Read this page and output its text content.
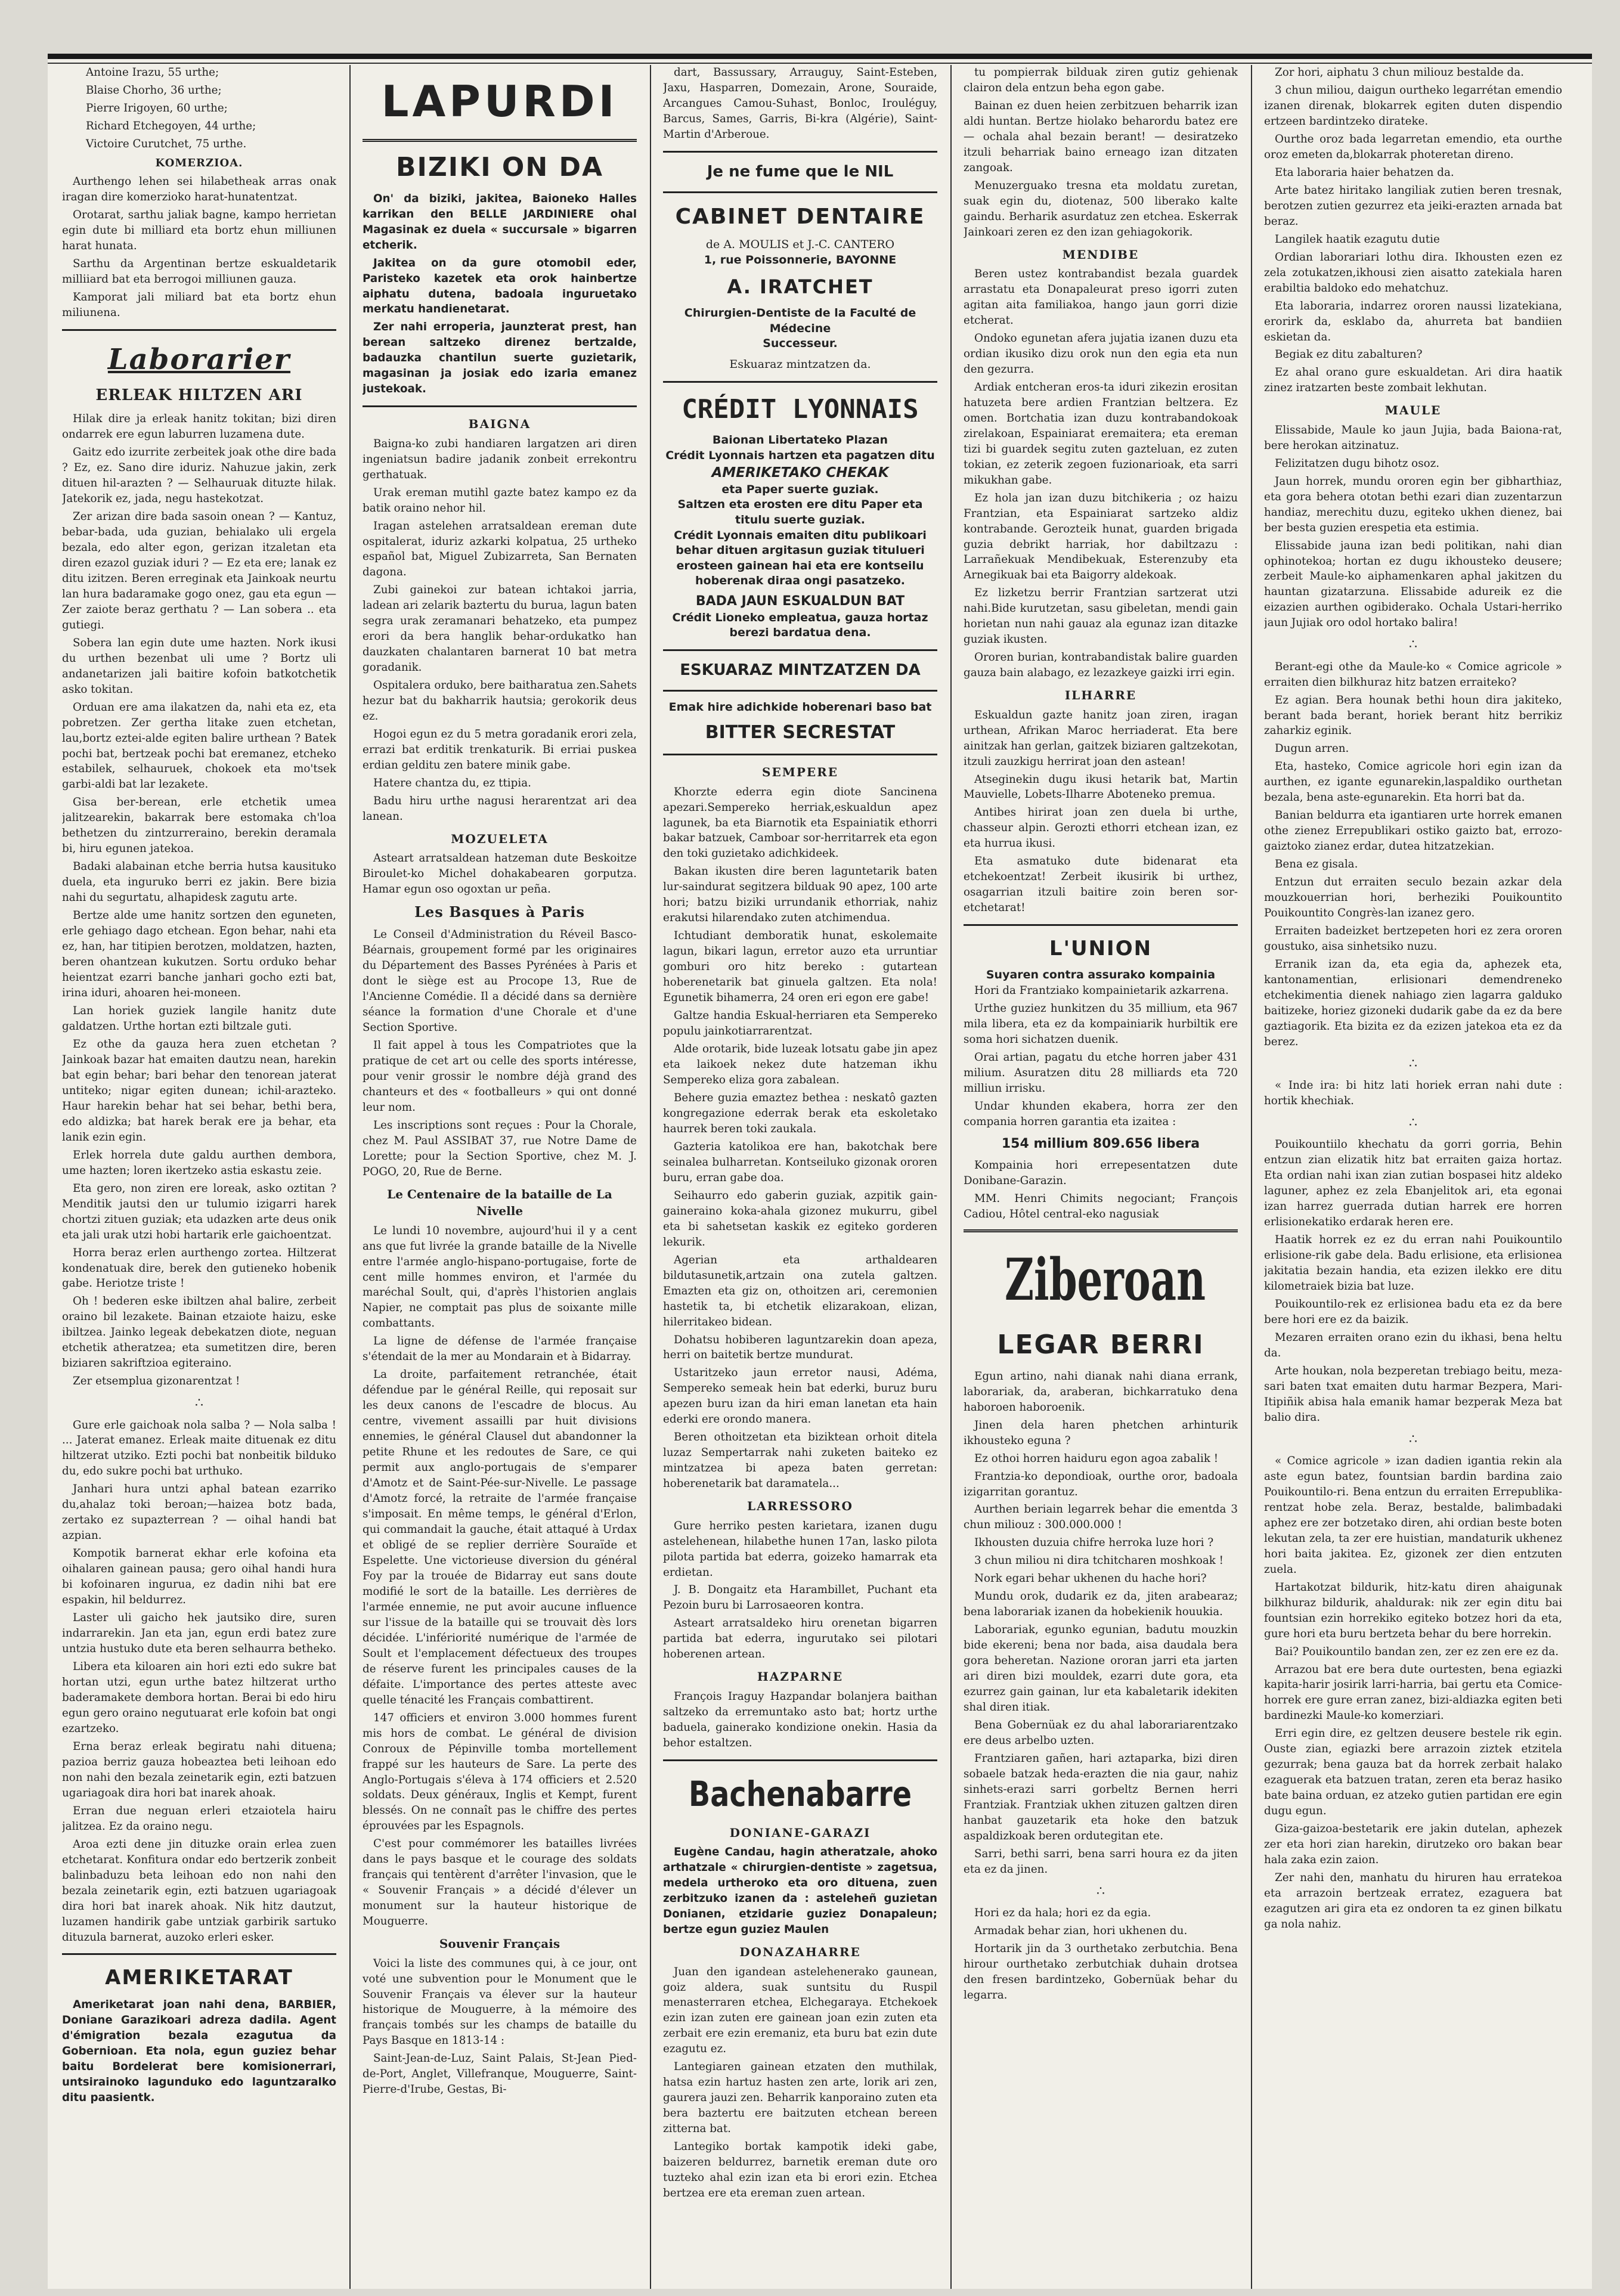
Antoine Irazu, 55 urthe;

Blaise Chorho, 36 urthe;

Pierre Irigoyen, 60 urthe;

Richard Etchegoyen, 44 urthe;

Victoire Curutchet, 75 urthe.

KOMERZIOA.

Aurthengo lehen sei hilabetheak arras onak iragan dire komerzioko harat-hunatentzat.

Orotarat, sarthu jaliak bagne, kampo herrietan egin dute bi milliard eta bortz ehun milliunen harat hunata.

Sarthu da Argentinan bertze eskualdetarik milliiard bat eta berrogoi milliunen gauza.

Kamporat jali miliard bat eta bortz ehun miliunena.

Laborarier
ERLEAK HILTZEN ARI

Hilak dire ja erleak hanitz tokitan; bizi diren ondarrek ere egun laburren luzamena dute.

Gaitz edo izurrite zerbeitek joak othe dire bada ? Ez, ez. Sano dire iduriz. Nahuzue jakin, zerk dituen hil-arazten ? — Selhauruak dituzte hilak. Jatekorik ez, jada, negu hastekotzat.

Zer arizan dire bada sasoin onean ? — Kantuz, bebar-bada, uda guzian, behialako uli ergela bezala, edo alter egon, gerizan itzaletan eta diren ezazol guziak iduri ? — Ez eta ere; lanak ez ditu izitzen. Beren erreginak eta Jainkoak neurtu lan hura badaramake gogo onez, gau eta egun — Zer zaiote beraz gerthatu ? — Lan sobera .. eta gutiegi.

Sobera lan egin dute ume hazten. Nork ikusi du urthen bezenbat uli ume ? Bortz uli andanetarizen jali baitire kofoin batkotchetik asko tokitan.

Orduan ere ama ilakatzen da, nahi eta ez, eta pobretzen. Zer gertha litake zuen etchetan, lau,bortz eztei-alde egiten balire urthean ? Batek pochi bat, bertzeak pochi bat eremanez, etcheko estabilek, selhauruek, chokoek eta mo'tsek garbi-aldi bat lar lezakete.

Gisa ber-berean, erle etchetik umea jalitzearekin, bakarrak bere estomaka ch'loa bethetzen du zintzurreraino, berekin deramala bi, hiru egunen jatekoa.

Badaki alabainan etche berria hutsa kausituko duela, eta inguruko berri ez jakin. Bere bizia nahi du segurtatu, alhapidesk zagutu arte.

Bertze alde ume hanitz sortzen den eguneten, erle gehiago dago etchean. Egon behar, nahi eta ez, han, har titipien berotzen, moldatzen, hazten, beren ohantzean kukutzen. Sortu orduko behar heientzat ezarri banche janhari gocho ezti bat, irina iduri, ahoaren hei-moneen.

Lan horiek guziek langile hanitz dute galdatzen. Urthe hortan ezti biltzale guti.

Ez othe da gauza hera zuen etchetan ? Jainkoak bazar hat emaiten dautzu nean, harekin bat egin behar; bari behar den tenorean jaterat untiteko; nigar egiten dunean; ichil-arazteko. Haur harekin behar hat sei behar, bethi bera, edo aldizka; bat harek berak ere ja behar, eta lanik ezin egin.

Erlek horrela dute galdu aurthen dembora, ume hazten; loren ikertzeko astia eskastu zeie.

Eta gero, non ziren ere loreak, asko oztitan ? Menditik jautsi den ur tulumio izigarri harek chortzi zituen guziak; eta udazken arte deus onik eta jali urak utzi hobi hartarik erle gaichoentzat.

Horra beraz erlen aurthengo zortea. Hiltzerat kondenatuak dire, berek den gutieneko hobenik gabe. Heriotze triste !

Oh ! bederen eske ibiltzen ahal balire, zerbeit oraino bil lezakete. Bainan etzaiote haizu, eske ibiltzea. Jainko legeak debekatzen diote, neguan etchetik atheratzea; eta sumetitzen dire, beren biziaren sakriftzioa egiteraino.

Zer etsemplua gizonarentzat !

∴

Gure erle gaichoak nola salba ? — Nola salba ! ... Jaterat emanez. Erleak maite dituenak ez ditu hiltzerat utziko. Ezti pochi bat nonbeitik bilduko du, edo sukre pochi bat urthuko.

Janhari hura untzi aphal batean ezarriko du,ahalaz toki beroan;—haizea botz bada, zertako ez supazterrean ? — oihal handi bat azpian.

Kompotik barnerat ekhar erle kofoina eta oihalaren gainean pausa; gero oihal handi hura bi kofoinaren ingurua, ez dadin nihi bat ere espakin, hil beldurrez.

Laster uli gaicho hek jautsiko dire, suren indarrarekin. Jan eta jan, egun erdi batez zure untzia hustuko dute eta beren selhaurra betheko.

Libera eta kiloaren ain hori ezti edo sukre bat hortan utzi, egun urthe batez hiltzerat urtho baderamakete dembora hortan. Berai bi edo hiru egun gero oraino negutuarat erle kofoin bat ongi ezartzeko.

Erna beraz erleak begiratu nahi dituena; pazioa berriz gauza hobeaztea beti leihoan edo non nahi den bezala zeinetarik egin, ezti batzuen ugariagoak dira hori bat inarek ahoak.

Erran due neguan erleri etzaiotela hairu jalitzea. Ez da oraino negu.

Aroa ezti dene jin dituzke orain erlea zuen etchetarat. Konfitura ondar edo bertzerik zonbeit balinbaduzu beta leihoan edo non nahi den bezala zeinetarik egin, ezti batzuen ugariagoak dira hori bat inarek ahoak. Nik hitz dautzut, luzamen handirik gabe untziak garbirik sartuko dituzula barnerat, auzoko erleri esker.

AMERIKETARAT

Ameriketarat joan nahi dena, BARBIER, Doniane Garazikoari adreza dadila. Agent d'émigration bezala ezagutua da Gobernioan. Eta nola, egun guziez behar baitu Bordelerat bere komisionerrari, untsirainoko lagunduko edo laguntzaralko ditu paasientk.

LAPURDI
BIZIKI ON DA

On' da biziki, jakitea, Baioneko Halles karrikan den BELLE JARDINIERE ohal Magasinak ez duela « succursale » bigarren etcherik.

Jakitea on da gure otomobil eder, Paristeko kazetek eta orok hainbertze aiphatu dutena, badoala inguruetako merkatu handienetarat.

Zer nahi erroperia, jaunzterat prest, han berean saltzeko direnez bertzalde, badauzka chantilun suerte guzietarik, magasinan ja josiak edo izaria emanez justekoak.

BAIGNA

Baigna-ko zubi handiaren largatzen ari diren ingeniatsun badire jadanik zonbeit errekontru gerthatuak.

Urak ereman mutihl gazte batez kampo ez da batik oraino nehor hil.

Iragan astelehen arratsaldean ereman dute ospitalerat, iduriz azkarki kolpatua, 25 urtheko español bat, Miguel Zubizarreta, San Bernaten dagona.

Zubi gainekoi zur batean ichtakoi jarria, ladean ari zelarik baztertu du burua, lagun baten segra urak zeramanari behatzeko, eta pumpez erori da bera hanglik behar-ordukatko han dauzkaten chalantaren barnerat 10 bat metra goradanik.

Ospitalera orduko, bere baitharatua zen.Sahets hezur bat du bakharrik hautsia; gerokorik deus ez.

Hogoi egun ez du 5 metra goradanik erori zela, errazi bat erditik trenkaturik. Bi erriai puskea erdian gelditu zen batere minik gabe.

Hatere chantza du, ez ttipia.

Badu hiru urthe nagusi herarentzat ari dea lanean.

MOZUELETA

Asteart arratsaldean hatzeman dute Beskoitze Biroulet-ko Michel dohakabearen gorputza. Hamar egun oso ogoxtan ur peña.

Les Basques à Paris

Le Conseil d'Administration du Réveil Basco-Béarnais, groupement formé par les originaires du Département des Basses Pyrénées à Paris et dont le siège est au Procope 13, Rue de l'Ancienne Comédie. Il a décidé dans sa dernière séance la formation d'une Chorale et d'une Section Sportive.

Il fait appel à tous les Compatriotes que la pratique de cet art ou celle des sports intéresse, pour venir grossir le nombre déjà grand des chanteurs et des « footballeurs » qui ont donné leur nom.

Les inscriptions sont reçues : Pour la Chorale, chez M. Paul ASSIBAT 37, rue Notre Dame de Lorette; pour la Section Sportive, chez M. J. POGO, 20, Rue de Berne.

Le Centenaire de la bataille de La Nivelle

Le lundi 10 novembre, aujourd'hui il y a cent ans que fut livrée la grande bataille de la Nivelle entre l'armée anglo-hispano-portugaise, forte de cent mille hommes environ, et l'armée du maréchal Soult, qui, d'après l'historien anglais Napier, ne comptait pas plus de soixante mille combattants.

La ligne de défense de l'armée française s'étendait de la mer au Mondarain et à Bidarray.

La droite, parfaitement retranchée, était défendue par le général Reille, qui reposait sur les deux canons de l'escadre de blocus. Au centre, vivement assailli par huit divisions ennemies, le général Clausel dut abandonner la petite Rhune et les redoutes de Sare, ce qui permit aux anglo-portugais de s'emparer d'Amotz et de Saint-Pée-sur-Nivelle. Le passage d'Amotz forcé, la retraite de l'armée française s'imposait. En même temps, le général d'Erlon, qui commandait la gauche, était attaqué à Urdax et obligé de se replier derrière Souraïde et Espelette. Une victorieuse diversion du général Foy par la trouée de Bidarray eut sans doute modifié le sort de la bataille. Les derrières de l'armée ennemie, ne put avoir aucune influence sur l'issue de la bataille qui se trouvait dès lors décidée. L'infériorité numérique de l'armée de Soult et l'emplacement défectueux des troupes de réserve furent les principales causes de la défaite. L'importance des pertes atteste avec quelle ténacité les Français combattirent.

147 officiers et environ 3.000 hommes furent mis hors de combat. Le général de division Conroux de Pépinville tomba mortellement frappé sur les hauteurs de Sare. La perte des Anglo-Portugais s'éleva à 174 officiers et 2.520 soldats. Deux généraux, Inglis et Kempt, furent blessés. On ne connaît pas le chiffre des pertes éprouvées par les Espagnols.

C'est pour commémorer les batailles livrées dans le pays basque et le courage des soldats français qui tentèrent d'arrêter l'invasion, que le « Souvenir Français » a décidé d'élever un monument sur la hauteur historique de Mouguerre.

Souvenir Français

Voici la liste des communes qui, à ce jour, ont voté une subvention pour le Monument que le Souvenir Français va élever sur la hauteur historique de Mouguerre, à la mémoire des français tombés sur les champs de bataille du Pays Basque en 1813-14 :

Saint-Jean-de-Luz, Saint Palais, St-Jean Pied-de-Port, Anglet, Villefranque, Mouguerre, Saint-Pierre-d'Irube, Gestas, Bi-

dart, Bassussary, Arrauguy, Saint-Esteben, Jaxu, Hasparren, Domezain, Arone, Souraide, Arcangues Camou-Suhast, Bonloc, Irouléguy, Barcus, Sames, Garris, Bi-kra (Algérie), Saint-Martin d'Arberoue.

Je ne fume que le NIL
CABINET DENTAIRE
de A. MOULIS et J.-C. CANTERO
1, rue Poissonnerie, BAYONNE
A. IRATCHET
Chirurgien-Dentiste de la Faculté de Médecine
Successeur.
Eskuaraz mintzatzen da.
CRÉDIT LYONNAIS
Baionan Libertateko Plazan
Crédit Lyonnais hartzen eta pagatzen ditu
AMERIKETAKO CHEKAK
eta Paper suerte guziak.
Saltzen eta erosten ere ditu Paper eta titulu suerte guziak.
Crédit Lyonnais emaiten ditu publikoari behar dituen argitasun guziak titulueri erosteen gainean hai eta ere kontseilu hoberenak diraa ongi pasatzeko.
BADA JAUN ESKUALDUN BAT
Crédit Lioneko empleatua, gauza hortaz berezi bardatua dena.
ESKUARAZ MINTZATZEN DA
Emak hire adichkide hoberenari baso bat
BITTER SECRESTAT
SEMPERE

Khorzte ederra egin diote Sancinena apezari.Sempereko herriak,eskualdun apez lagunek, ba eta Biarnotik eta Espainiatik ethorri bakar batzuek, Camboar sor-herritarrek eta egon den toki guzietako adichkideek.

Bakan ikusten dire beren laguntetarik baten lur-saindurat segitzera bilduak 90 apez, 100 arte hori; batzu biziki urrundanik ethorriak, nahiz erakutsi hilarendako zuten atchimendua.

Ichtudiant demboratik hunat, eskolemaite lagun, bikari lagun, erretor auzo eta urruntiar gomburi oro hitz bereko : gutartean hoberenetarik bat ginuela galtzen. Eta nola! Egunetik bihamerra, 24 oren eri egon ere gabe!

Galtze handia Eskual-herriaren eta Sempereko populu jainkotiarrarentzat.

Alde orotarik, bide luzeak lotsatu gabe jin apez eta laikoek nekez dute hatzeman ikhu Sempereko eliza gora zabalean.

Behere guzia emaztez bethea : neskatô gazten kongregazione ederrak berak eta eskoletako haurrek beren toki zaukala.

Gazteria katolikoa ere han, bakotchak bere seinalea bulharretan. Kontseiluko gizonak ororen buru, erran gabe doa.

Seihaurro edo gaberin guziak, azpitik gain-gaineraino koka-ahala gizonez mukurru, gibel eta bi sahetsetan kaskik ez egiteko gorderen lekurik.

Agerian eta arthaldearen bildutasunetik,artzain ona zutela galtzen. Emazten eta giz on, othoitzen ari, ceremonien hastetik ta, bi etchetik elizarakoan, elizan, hilerritakeo bidean.

Dohatsu hobiberen laguntzarekin doan apeza, herri on baitetik bertze mundurat.

Ustaritzeko jaun erretor nausi, Adéma, Sempereko semeak hein bat ederki, buruz buru apezen buru izan da hiri eman lanetan eta hain ederki ere orondo manera.

Beren othoitzetan eta biziktean orhoit ditela luzaz Sempertarrak nahi zuketen baiteko ez mintzatzea bi apeza baten gerretan: hoberenetarik bat daramatela...

LARRESSORO

Gure herriko pesten karietara, izanen dugu astelehenean, hilabethe hunen 17an, lasko pilota pilota partida bat ederra, goizeko hamarrak eta erdietan.

J. B. Dongaitz eta Harambillet, Puchant eta Pezoin buru bi Larrosaeoren kontra.

Asteart arratsaldeko hiru orenetan bigarren partida bat ederra, ingurutako sei pilotari hoberenen artean.

HAZPARNE

François Iraguy Hazpandar bolanjera baithan saltzeko da erremuntako asto bat; hortz urthe baduela, gainerako kondizione onekin. Hasia da behor estaltzen.

Bachenabarre
DONIANE-GARAZI

Eugène Candau, hagin atheratzale, ahoko arthatzale « chirurgien-dentiste » zagetsua, medela urtheroko eta oro dituena, zuen zerbitzuko izanen da : asteleheñ guzietan Donianen, etzidarie guziez Donapaleun; bertze egun guziez Maulen

DONAZAHARRE

Juan den igandean astelehenerako gaunean, goiz aldera, suak suntsitu du Ruspil menasterraren etchea, Elchegaraya. Etchekoek ezin izan zuten ere gainean joan ezin zuten eta zerbait ere ezin eremaniz, eta buru bat ezin dute ezagutu ez.

Lantegiaren gainean etzaten den muthilak, hatsa ezin hartuz hasten zen arte, lorik ari zen, gaurera jauzi zen. Beharrik kanporaino zuten eta bera baztertu ere baitzuten etchean bereen zitterna bat.

Lantegiko bortak kampotik ideki gabe, baizeren beldurrez, barnetik ereman dute oro tuzteko ahal ezin izan eta bi erori ezin. Etchea bertzea ere eta ereman zuen artean.

tu pompierrak bilduak ziren gutiz gehienak clairon dela entzun beha egon gabe.

Bainan ez duen heien zerbitzuen beharrik izan aldi huntan. Bertze hiolako beharordu batez ere — ochala ahal bezain berant! — desiratzeko itzuli beharriak baino erneago izan ditzaten zangoak.

Menuzerguako tresna eta moldatu zuretan, suak egin du, diotenaz, 500 liberako kalte gaindu. Berharik asurdatuz zen etchea. Eskerrak Jainkoari zeren ez den izan gehiagokorik.

MENDIBE

Beren ustez kontrabandist bezala guardek arrastatu eta Donapaleurat preso igorri zuten agitan aita familiakoa, hango jaun gorri dizie etcherat.

Ondoko egunetan afera jujatia izanen duzu eta ordian ikusiko dizu orok nun den egia eta nun den gezurra.

Ardiak entcheran eros-ta iduri zikezin erositan hatuzeta bere ardien Frantzian beltzera. Ez omen. Bortchatia izan duzu kontrabandokoak zirelakoan, Espainiarat eremaitera; eta ereman tizi bi guardek segitu zuten gazteluan, ez zuten tokian, ez zeterik zegoen fuzionarioak, eta sarri mikukhan gabe.

Ez hola jan izan duzu bitchikeria ; oz haizu Frantzian, eta Espainiarat sartzeko aldiz kontrabande. Gerozteik hunat, guarden brigada guzia debrikt harriak, hor dabiltzazu : Larrañekuak Mendibekuak, Esterenzuby eta Arnegikuak bai eta Baigorry aldekoak.

Ez lizketzu berrir Frantzian sartzerat utzi nahi.Bide kurutzetan, sasu gibeletan, mendi gain horietan nun nahi gauaz ala egunaz izan ditazke guziak ikusten.

Ororen burian, kontrabandistak balire guarden gauza bain alabago, ez lezazkeye gaizki irri egin.

ILHARRE

Eskualdun gazte hanitz joan ziren, iragan urthean, Afrikan Maroc herriaderat. Eta bere ainitzak han gerlan, gaitzek biziaren galtzekotan, itzuli zauzkigu herrirat joan den astean!

Atseginekin dugu ikusi hetarik bat, Martin Mauvielle, Lobets-Ilharre Aboteneko premua.

Antibes hirirat joan zen duela bi urthe, chasseur alpin. Gerozti ethorri etchean izan, ez eta hurrua ikusi.

Eta asmatuko dute bidenarat eta etchekoentzat! Zerbeit ikusirik bi urthez, osagarrian itzuli baitire zoin beren sor-etchetarat!

L'UNION
Suyaren contra assurako kompainia

Hori da Frantziako kompainietarik azkarrena.

Urthe guziez hunkitzen du 35 millium, eta 967 mila libera, eta ez da kompainiarik hurbiltik ere soma hori sichatzen duenik.

Orai artian, pagatu du etche horren jaber 431 milium. Asuratzen ditu 28 milliards eta 720 milliun irrisku.

Undar khunden ekabera, horra zer den compania horren garantia eta izaitea :

154 millium 809.656 libera

Kompainia hori errepesentatzen dute Donibane-Garazin.

MM. Henri Chimits negociant; François Cadiou, Hôtel central-eko nagusiak

Ziberoan
LEGAR BERRI

Egun artino, nahi dianak nahi diana errank, laborariak, da, araberan, bichkarratuko dena haboroen haboroenik.

Jinen dela haren phetchen arhinturik ikhousteko eguna ?

Ez othoi horren haiduru egon agoa zabalik !

Frantzia-ko depondioak, ourthe oror, badoala izigarritan gorantuz.

Aurthen beriain legarrek behar die ementda 3 chun miliouz : 300.000.000 !

Ikhousten duzuia chifre herroka luze hori ?

3 chun miliou ni dira tchitcharen moshkoak !

Nork egari behar ukhenen du hache hori?

Mundu orok, dudarik ez da, jiten arabearaz; bena laborariak izanen da hobekienik houukia.

Laborariak, egunko egunian, badutu mouzkin bide ekereni; bena nor bada, aisa daudala bera gora beheretan. Nazione ororan jarri eta jarten ari diren bizi mouldek, ezarri dute gora, eta ezurrez gain gainan, lur eta kabaletarik idekiten shal diren itiak.

Bena Gobernüak ez du ahal laborariarentzako ere deus arbelbo uzten.

Frantziaren gañen, hari aztaparka, bizi diren sobaele batzak heda-erazten die nia gaur, nahiz sinhets-erazi sarri gorbeltz Bernen herri Frantziak. Frantziak ukhen zituzen galtzen diren hanbat gauzetarik eta hoke den batzuk aspaldizkoak beren ordutegitan ete.

Sarri, bethi sarri, bena sarri houra ez da jiten eta ez da jinen.

∴

Hori ez da hala; hori ez da egia.

Armadak behar zian, hori ukhenen du.

Hortarik jin da 3 ourthetako zerbutchia. Bena hirour ourthetako zerbutchiak duhain drotsea den fresen bardintzeko, Gobernüak behar du legarra.

Zor hori, aiphatu 3 chun miliouz bestalde da.

3 chun miliou, daigun ourtheko legarrétan emendio izanen direnak, blokarrek egiten duten dispendio ertzeen bardintzeko dirateke.

Ourthe oroz bada legarretan emendio, eta ourthe oroz emeten da,blokarrak photeretan direno.

Eta laboraria haier behatzen da.

Arte batez hiritako langiliak zutien beren tresnak, berotzen zutien gezurrez eta jeiki-erazten arnada bat beraz.

Langilek haatik ezagutu dutie

Ordian laborariari lothu dira. Ikhousten ezen ez zela zotukatzen,ikhousi zien aisatto zatekiala haren erabiltia baldoko edo mehatchuz.

Eta laboraria, indarrez ororen naussi lizatekiana, erorirk da, esklabo da, ahurreta bat bandiien eskietan da.

Begiak ez ditu zabalturen?

Ez ahal orano gure eskualdetan. Ari dira haatik zinez iratzarten beste zombait lekhutan.

MAULE

Elissabide, Maule ko jaun Jujia, bada Baiona-rat, bere herokan aitzinatuz.

Felizitatzen dugu bihotz osoz.

Jaun horrek, mundu ororen egin ber gibharthiaz, eta gora behera ototan bethi ezari dian zuzentarzun handiaz, merechitu duzu, egiteko ukhen dienez, bai ber besta guzien erespetia eta estimia.

Elissabide jauna izan bedi politikan, nahi dian ophinotekoa; hortan ez dugu ikhousteko deusere; zerbeit Maule-ko aiphamenkaren aphal jakitzen du hauntan gizatarzuna. Elissabide adureik ez die eizazien aurthen ogibiderako. Ochala Ustari-herriko jaun Jujiak oro odol hortako balira!

∴

Berant-egi othe da Maule-ko « Comice agricole » erraiten dien bilkhuraz hitz batzen erraiteko?

Ez agian. Bera hounak bethi houn dira jakiteko, berant bada berant, horiek berant hitz berrikiz zaharkiz eginik.

Dugun arren.

Eta, hasteko, Comice agricole hori egin izan da aurthen, ez igante egunarekin,laspaldiko ourthetan bezala, bena aste-egunarekin. Eta horri bat da.

Banian beldurra eta igantiaren urte horrek emanen othe zienez Errepublikari ostiko gaizto bat, errozo-gaiztoko zianez erdar, dutea hitzatzekian.

Bena ez gisala.

Entzun dut erraiten seculo bezain azkar dela mouzkouerrian hori, berheziki Pouikountito Pouikountito Congrès-lan izanez gero.

Erraiten badeizket bertzepeten hori ez zera ororen goustuko, aisa sinhetsiko nuzu.

Erranik izan da, eta egia da, aphezek eta, kantonamentian, erlisionari demendreneko etchekimentia dienek nahiago zien lagarra galduko baitizeke, horiez gizoneki dudarik gabe da ez da bere gaztiagorik. Eta bizita ez da ezizen jatekoa eta ez da berez.

∴

« Inde ira: bi hitz lati horiek erran nahi dute : hortik khechiak.

∴

Pouikountiilo khechatu da gorri gorria, Behin entzun zian elizatik hitz bat erraiten gaiza hortaz. Eta ordian nahi ixan zian zutian bospasei hitz aldeko laguner, aphez ez zela Ebanjelitok ari, eta egonai izan harrez guerrada dutian harrek ere horren erlisionekatiko erdarak heren ere.

Haatik horrek ez ez du erran nahi Pouikountilo erlisione-rik gabe dela. Badu erlisione, eta erlisionea jakitatia bezain handia, eta ezizen ilekko ere ditu kilometraiek bizia bat luze.

Pouikountilo-rek ez erlisionea badu eta ez da bere bere hori ere ez da baizik.

Mezaren erraiten orano ezin du ikhasi, bena heltu da.

Arte houkan, nola bezperetan trebiago beitu, meza-sari baten txat emaiten dutu harmar Bezpera, Mari-Itipiñik abisa hala emanik hamar bezperak Meza bat balio dira.

∴

« Comice agricole » izan dadien igantia rekin ala aste egun batez, fountsian bardin bardina zaio Pouikountilo-ri. Bena entzun du erraiten Errepublika-rentzat hobe zela. Beraz, bestalde, balimbadaki aphez ere zer botzetako diren, ahi ordian beste boten lekutan zela, ta zer ere huistian, mandaturik ukhenez hori baita jakitea. Ez, gizonek zer dien entzuten zuela.

Hartakotzat bildurik, hitz-katu diren ahaigunak bilkhuraz bildurik, ahaldurak: nik zer egin ditu bai fountsian ezin horrekiko egiteko botzez hori da eta, gure hori eta buru bertzeta behar du bere horrekin.

Bai? Pouikountilo bandan zen, zer ez zen ere ez da.

Arrazou bat ere bera dute ourtesten, bena egiazki kapita-harir josirik larri-harria, bai gertu eta Comice-horrek ere gure erran zanez, bizi-aldiazka egiten beti bardinezki Maule-ko komerziari.

Erri egin dire, ez geltzen deusere bestele rik egin. Ouste zian, egiazki bere arrazoin ziztek etzitela gezurrak; bena gauza bat da horrek zerbait halako ezaguerak eta batzuen tratan, zeren eta beraz hasiko bate baina orduan, ez atzeko gutien partidan ere egin dugu egun.

Giza-gaizoa-bestetarik ere jakin dutelan, aphezek zer eta hori zian harekin, dirutzeko oro bakan bear hala zaka ezin zaion.

Zer nahi den, manhatu du hiruren hau erratekoa eta arrazoin bertzeak erratez, ezaguera bat ezagutzen ari gira eta ez ondoren ta ez ginen bilkatu ga nola nahiz.
